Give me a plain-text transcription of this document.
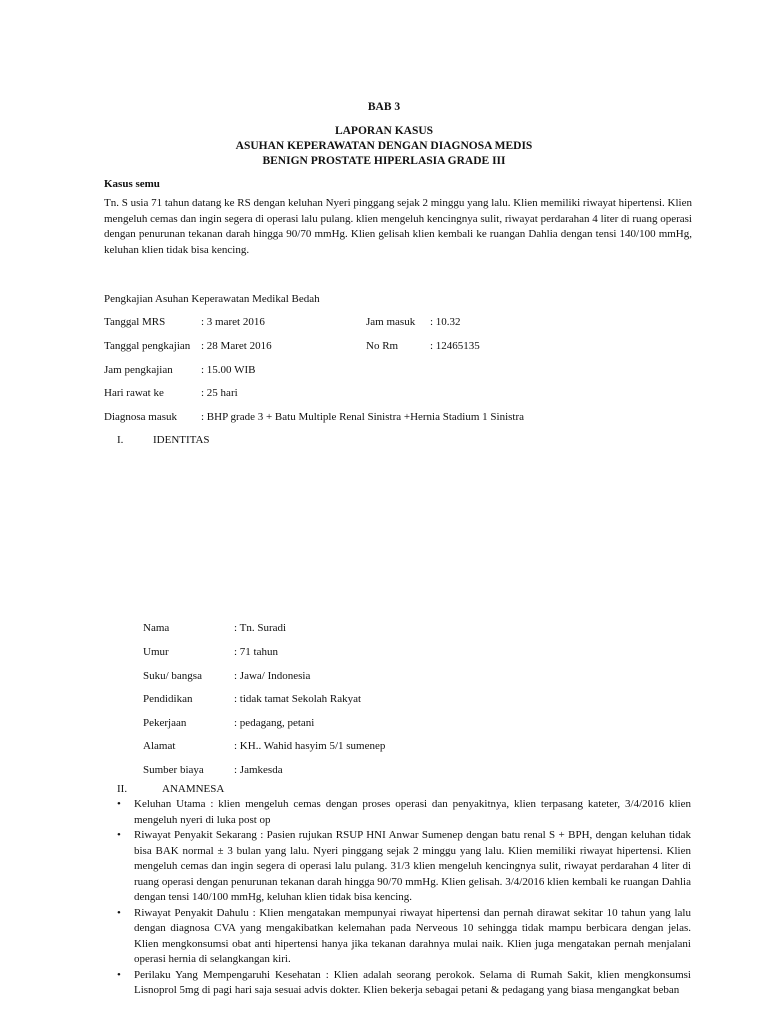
BAB 3
LAPORAN KASUS
ASUHAN KEPERAWATAN DENGAN DIAGNOSA MEDIS
BENIGN PROSTATE HIPERLASIA GRADE III
Kasus semu
Tn. S usia 71 tahun datang ke RS dengan keluhan Nyeri pinggang sejak 2 minggu yang lalu. Klien memiliki riwayat hipertensi. Klien mengeluh cemas dan ingin segera di operasi lalu pulang. klien mengeluh kencingnya sulit, riwayat perdarahan 4 liter di ruang operasi dengan penurunan tekanan darah hingga 90/70 mmHg. Klien gelisah klien kembali ke ruangan Dahlia dengan tensi 140/100 mmHg, keluhan klien tidak bisa kencing.
Pengkajian Asuhan Keperawatan Medikal Bedah
Tanggal MRS	: 3 maret 2016	Jam masuk : 10.32
Tanggal pengkajian : 28 Maret 2016	No Rm	: 12465135
Jam pengkajian	: 15.00 WIB
Hari rawat ke	: 25 hari
Diagnosa masuk : BHP grade 3 + Batu Multiple Renal Sinistra +Hernia Stadium 1 Sinistra
I.	IDENTITAS
Nama	: Tn. Suradi
Umur	: 71 tahun
Suku/ bangsa	: Jawa/ Indonesia
Pendidikan	: tidak tamat Sekolah Rakyat
Pekerjaan	: pedagang, petani
Alamat	: KH.. Wahid hasyim 5/1 sumenep
Sumber biaya	: Jamkesda
II.	ANAMNESA
• Keluhan Utama : klien mengeluh cemas dengan proses operasi dan penyakitnya, klien terpasang kateter, 3/4/2016 klien mengeluh nyeri di luka post op
• Riwayat Penyakit Sekarang : Pasien rujukan RSUP HNI Anwar Sumenep dengan batu renal S + BPH, dengan keluhan tidak bisa BAK normal ± 3 bulan yang lalu. Nyeri pinggang sejak 2 minggu yang lalu. Klien memiliki riwayat hipertensi. Klien mengeluh cemas dan ingin segera di operasi lalu pulang. 31/3 klien mengeluh kencingnya sulit, riwayat perdarahan 4 liter di ruang operasi dengan penurunan tekanan darah hingga 90/70 mmHg. Klien gelisah. 3/4/2016 klien kembali ke ruangan Dahlia dengan tensi 140/100 mmHg, keluhan klien tidak bisa kencing.
• Riwayat Penyakit Dahulu : Klien mengatakan mempunyai riwayat hipertensi dan pernah dirawat sekitar 10 tahun yang lalu dengan diagnosa CVA yang mengakibatkan kelemahan pada Nerveous 10 sehingga tidak mampu berbicara dengan jelas. Klien mengkonsumsi obat anti hipertensi hanya jika tekanan darahnya mulai naik. Klien juga mengatakan pernah menjalani operasi hernia di selangkangan kiri.
• Perilaku Yang Mempengaruhi Kesehatan : Klien adalah seorang perokok. Selama di Rumah Sakit, klien mengkonsumsi Lisnoprol 5mg di pagi hari saja sesuai advis dokter. Klien bekerja sebagai petani & pedagang yang biasa mengangkat beban
